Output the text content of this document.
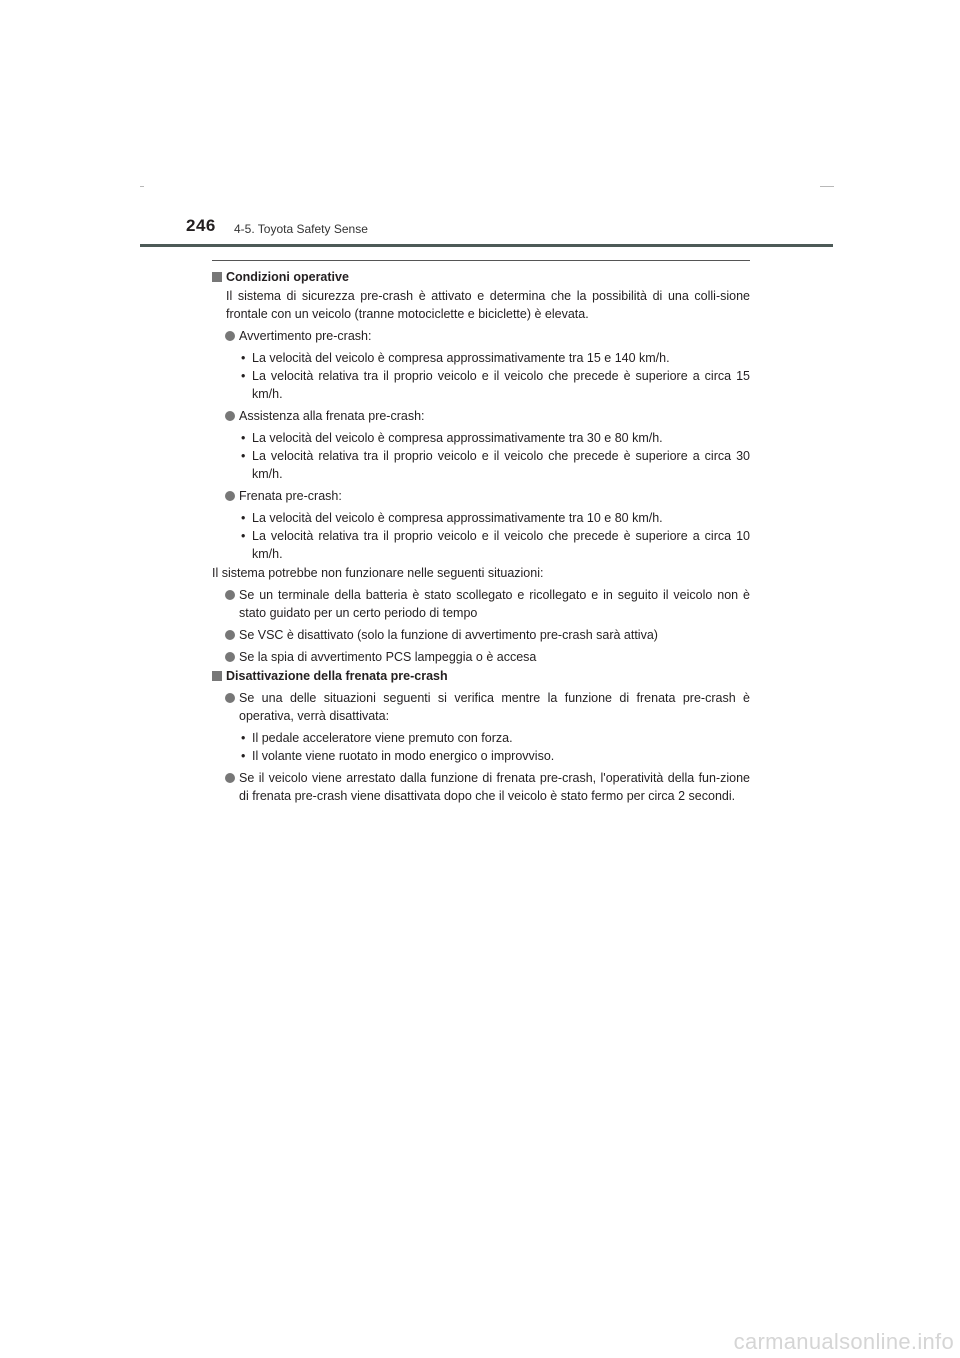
246 4-5. Toyota Safety Sense
Condizioni operative
Il sistema di sicurezza pre-crash è attivato e determina che la possibilità di una colli-sione frontale con un veicolo (tranne motociclette e biciclette) è elevata.
Avvertimento pre-crash:
• La velocità del veicolo è compresa approssimativamente tra 15 e 140 km/h.
• La velocità relativa tra il proprio veicolo e il veicolo che precede è superiore a circa 15 km/h.
Assistenza alla frenata pre-crash:
• La velocità del veicolo è compresa approssimativamente tra 30 e 80 km/h.
• La velocità relativa tra il proprio veicolo e il veicolo che precede è superiore a circa 30 km/h.
Frenata pre-crash:
• La velocità del veicolo è compresa approssimativamente tra 10 e 80 km/h.
• La velocità relativa tra il proprio veicolo e il veicolo che precede è superiore a circa 10 km/h.
Il sistema potrebbe non funzionare nelle seguenti situazioni:
Se un terminale della batteria è stato scollegato e ricollegato e in seguito il veicolo non è stato guidato per un certo periodo di tempo
Se VSC è disattivato (solo la funzione di avvertimento pre-crash sarà attiva)
Se la spia di avvertimento PCS lampeggia o è accesa
Disattivazione della frenata pre-crash
Se una delle situazioni seguenti si verifica mentre la funzione di frenata pre-crash è operativa, verrà disattivata:
• Il pedale acceleratore viene premuto con forza.
• Il volante viene ruotato in modo energico o improvviso.
Se il veicolo viene arrestato dalla funzione di frenata pre-crash, l'operatività della fun-zione di frenata pre-crash viene disattivata dopo che il veicolo è stato fermo per circa 2 secondi.
carmanualsonline.info
